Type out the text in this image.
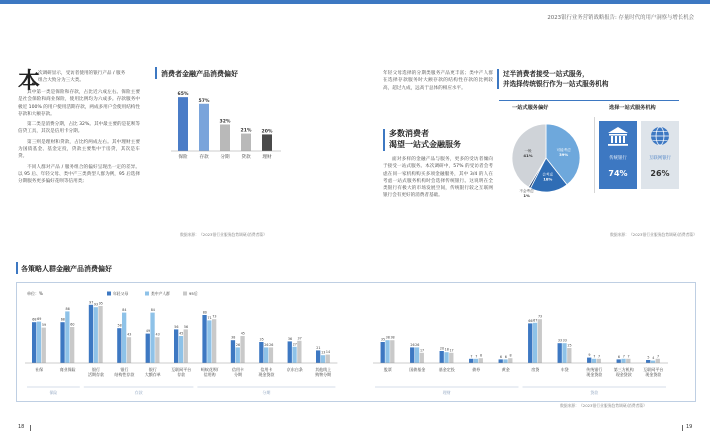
2023银行业务营销战略报告: 存量时代的用户洞察与增长机会
本
次调研显示，受访者使用的银行产品 / 服务
组合大致分为三大类。

其中第一类是保险和存款，占比近六成左右。保险主要是社会保险和商业保险，使用比例均为六成多。存款服务中极近 100% 的用户使用活期存款，两成多用户会使用结构性存款和大额存款。

第二类是消费分期，占比 32%。其中最主要的是花呗等信贷工具，其次是信用卡分期。

第三则是理财和贷款，占比约两成左右。其中理财主要为国债基金、基金定投，贷款主要集中于房贷，其次是车贷。

不同人群对产品 / 服务组合的偏好呈现出一定的差异。以 95 后、年轻父母、类中产三类典型人群为例，95 后选择分期服务更多偏好花呗等信用类;

消费者金融产品消费偏好
65%
保险
57%
存款
32%
分期
21%
贷款
20%
理财
数据来源：《2023银行业服务趋势调研/消费者篇》

年轻父母选择的分期类服务产品更丰富；类中产人群在选择存款服务时大额存款的结构性存款的比例较高，超过九成，远高于总体的相应水平。

多数消费者
渴望一站式金融服务
面对多样的金融产品与服务，更多的受访者倾向于接受一站式服务。本次调研中，57% 的受访者会考虑在同一家机构购买多项金融服务，其中 3/4 的人在考虑一站式服务机构时会选择传统银行。这说明在全类银行有极大的市场发展空间，传统银行较之互联网银行会有更好的消费者基础。
过半消费者接受一站式服务，
并选择传统银行作为一站式服务机构
一站式服务偏好	选择一站式服务机构
可能考虑
39%
会考虑
18%
不会考虑
1%
一般
41%
传统银行
74%
互联网银行
26%
数据来源：《2023银行业服务趋势调研/消费者篇》
各策略人群金融产品消费偏好
单位：%	年轻父母	类中产人群	95后
68 69
59
社保
68
86
60
商业保险
97
93 95
银行
活期存款
58
84
43
银行
结构性存款
49
84
43
银行
大额存单
56
45
56
互联网平台
存款
80
71 73
蚂蚁花呗/
信用购
38
26
45
信用卡
分期
35
26 26
信用卡
现金贷款
36
27
37
京东白条
21
13 14
其他线上
购物分期
保险	存款	分期
35 38 38
股票
26 26
17
国债基金
20 18 17
基金定投
7 7 8
债券
6 6 8
黄金
66 67
73
房贷
33 33
25
车贷
9 7 7
传统银行
现金贷款
6 7 7
第三方机构
现金贷款
5 4 7
互联网平台
现金贷款
理财	贷款
数据来源：《2023银行业服务趋势调研/消费者篇》
18	19
